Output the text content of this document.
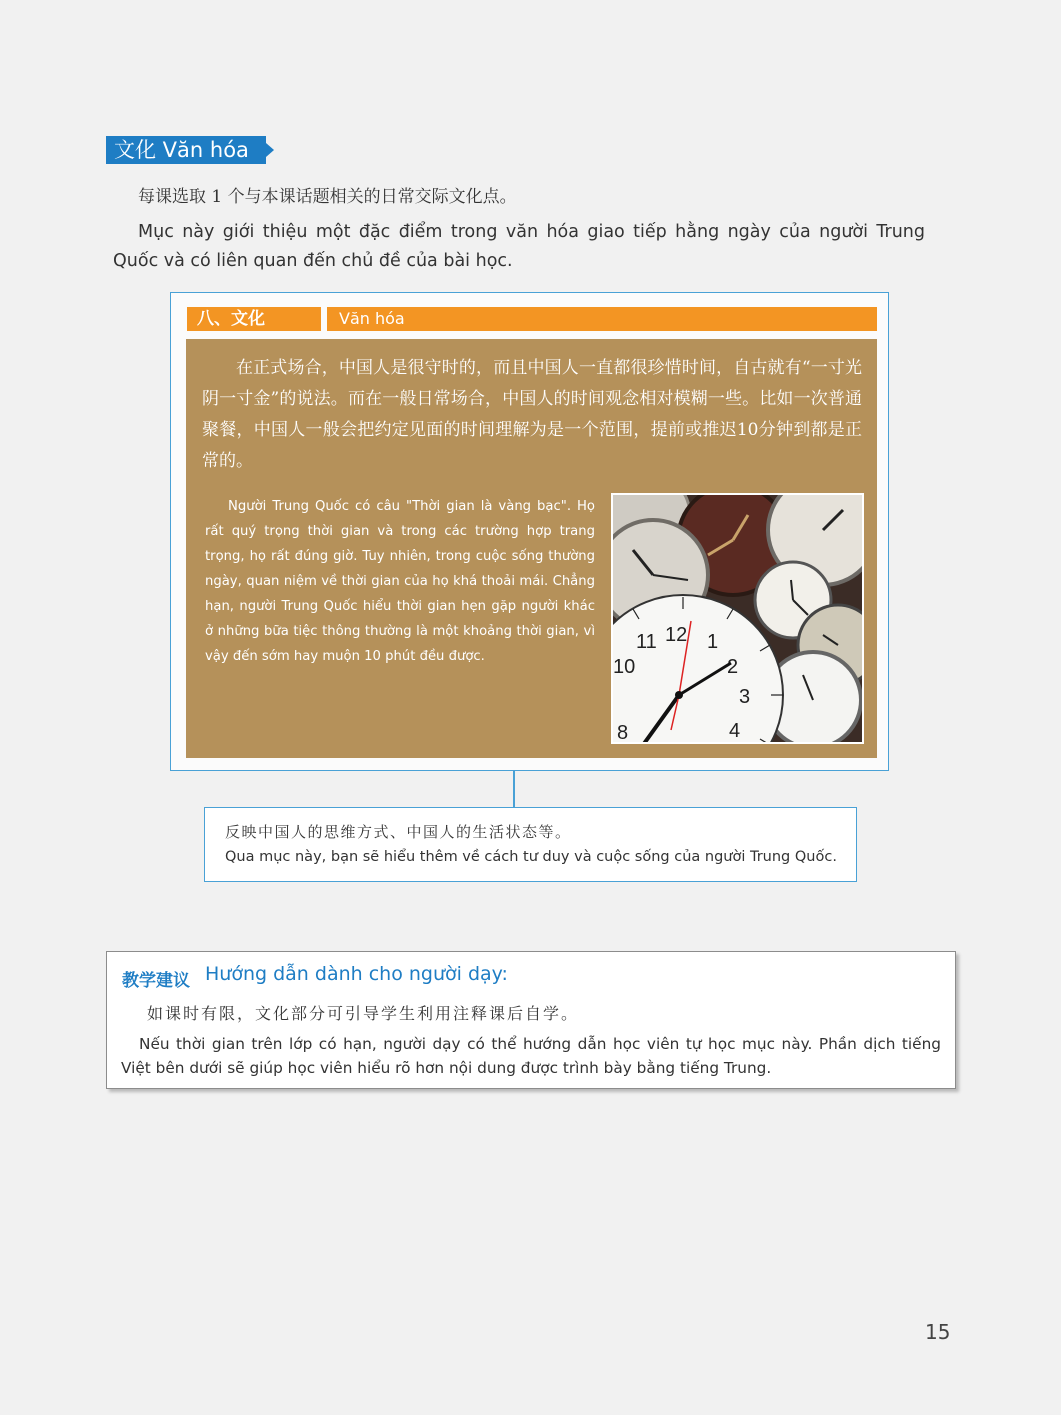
文化 Văn hóa
每课选取 1 个与本课话题相关的日常交际文化点。
Mục này giới thiệu một đặc điểm trong văn hóa giao tiếp hằng ngày của người Trung Quốc và có liên quan đến chủ đề của bài học.
八、文化	Văn hóa
在正式场合，中国人是很守时的，而且中国人一直都很珍惜时间，自古就有“一寸光阴一寸金”的说法。而在一般日常场合，中国人的时间观念相对模糊一些。比如一次普通聚餐，中国人一般会把约定见面的时间理解为是一个范围，提前或推迟10分钟到都是正常的。
Người Trung Quốc có câu "Thời gian là vàng bạc". Họ rất quý trọng thời gian và trong các trường hợp trang trọng, họ rất đúng giờ. Tuy nhiên, trong cuộc sống thường ngày, quan niệm về thời gian của họ khá thoải mái. Chẳng hạn, người Trung Quốc hiểu thời gian hẹn gặp người khác ở những bữa tiệc thông thường là một khoảng thời gian, vì vậy đến sớm hay muộn 10 phút đều được.
12
11	1
10	2
3
4
8
反映中国人的思维方式、中国人的生活状态等。
Qua mục này, bạn sẽ hiểu thêm về cách tư duy và cuộc sống của người Trung Quốc.
教学建议 Hướng dẫn dành cho người dạy:
如课时有限，文化部分可引导学生利用注释课后自学。
Nếu thời gian trên lớp có hạn, người dạy có thể hướng dẫn học viên tự học mục này. Phần dịch tiếng Việt bên dưới sẽ giúp học viên hiểu rõ hơn nội dung được trình bày bằng tiếng Trung.
15
